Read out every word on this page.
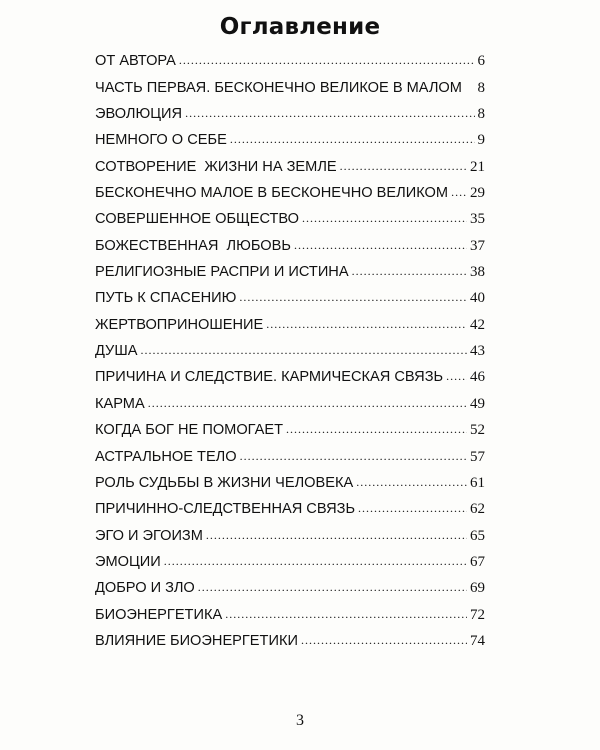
Оглавление
ОТ АВТОРА .....	6
ЧАСТЬ ПЕРВАЯ. БЕСКОНЕЧНО ВЕЛИКОЕ В МАЛОМ 8
ЭВОЛЮЦИЯ .....	8
НЕМНОГО О СЕБЕ .....	9
СОТВОРЕНИЕ  ЖИЗНИ НА ЗЕМЛЕ .....	21
БЕСКОНЕЧНО МАЛОЕ В БЕСКОНЕЧНО ВЕЛИКОМ ..... 29
СОВЕРШЕННОЕ ОБЩЕСТВО .....	35
БОЖЕСТВЕННАЯ  ЛЮБОВЬ .....	37
РЕЛИГИОЗНЫЕ РАСПРИ И ИСТИНА .....	38
ПУТЬ К СПАСЕНИЮ .....	40
ЖЕРТВОПРИНОШЕНИЕ .....	42
ДУША .....	43
ПРИЧИНА И СЛЕДСТВИЕ. КАРМИЧЕСКАЯ СВЯЗЬ ..... 46
КАРМА .....	49
КОГДА БОГ НЕ ПОМОГАЕТ .....	52
АСТРАЛЬНОЕ ТЕЛО .....	57
РОЛЬ СУДЬБЫ В ЖИЗНИ ЧЕЛОВЕКА .....	61
ПРИЧИННО-СЛЕДСТВЕННАЯ СВЯЗЬ .....	62
ЭГО И ЭГОИЗМ .....	65
ЭМОЦИИ .....	67
ДОБРО И ЗЛО .....	69
БИОЭНЕРГЕТИКА .....	72
ВЛИЯНИЕ БИОЭНЕРГЕТИКИ .....	74
3
